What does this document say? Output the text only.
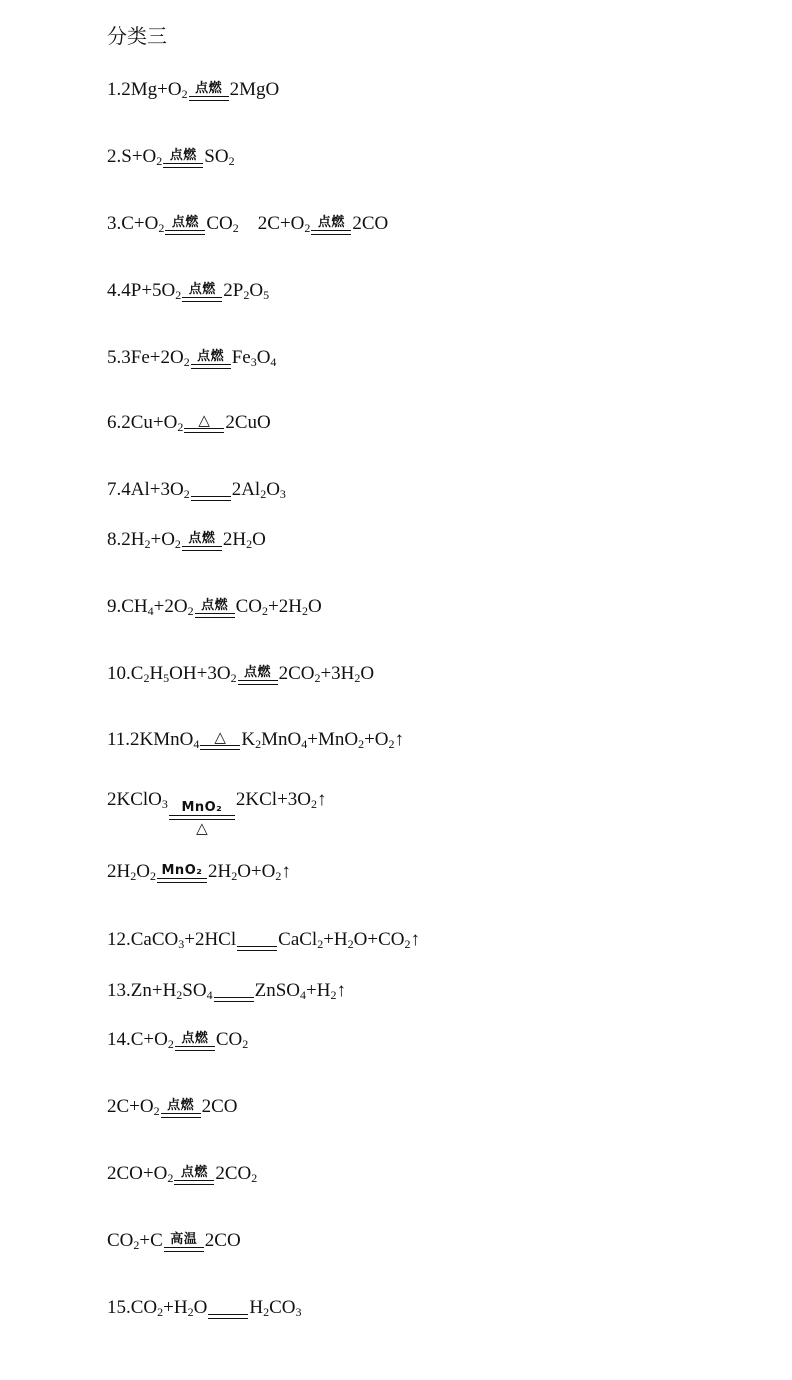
分类三
$1.2Mg+O_2$ 点燃 2MgO
$2.S+O_2$ 点燃 $SO_2$
$3.C+O_2$ 点燃 $CO_2$    $2C+O_2$ 点燃 2CO
$4.4P+5O_2$ 点燃 $2P_2O_5$
$5.3Fe+2O_2$ 点燃 $Fe_3O_4$
$6.2Cu+O_2$ △ 2CuO
$7.4Al+3O_2$
$2Al_2O_3$
$8.2H_2+O_2$ 点燃 $2H_2O$
$9.CH_4+2O_2$ 点燃 $CO_2+2H_2O$
$10.C_2H_5OH+3O_2$ 点燃 $2CO_2+3H_2O$
11.2KMnO$_4$ △ $K_2MnO_4+MnO_2+O_2↑$
2KClO$_3$ MnO₂
△
$2KCl+3O_2↑$
$2H_2O_2$ MnO₂ $2H_2O+O_2↑$
12.CaCO$_3$+2HCl
$CaCl_2+H_2O+CO_2↑$
$13.Zn+H_2SO_4$
$ZnSO_4+H_2↑$
$14.C+O_2$ 点燃 $CO_2$
$2C+O_2$ 点燃 2CO
$2CO+O_2$ 点燃 $2CO_2$
$CO_2+C$ 高温 2CO
$15.CO_2+H_2O$
$H_2CO_3$
